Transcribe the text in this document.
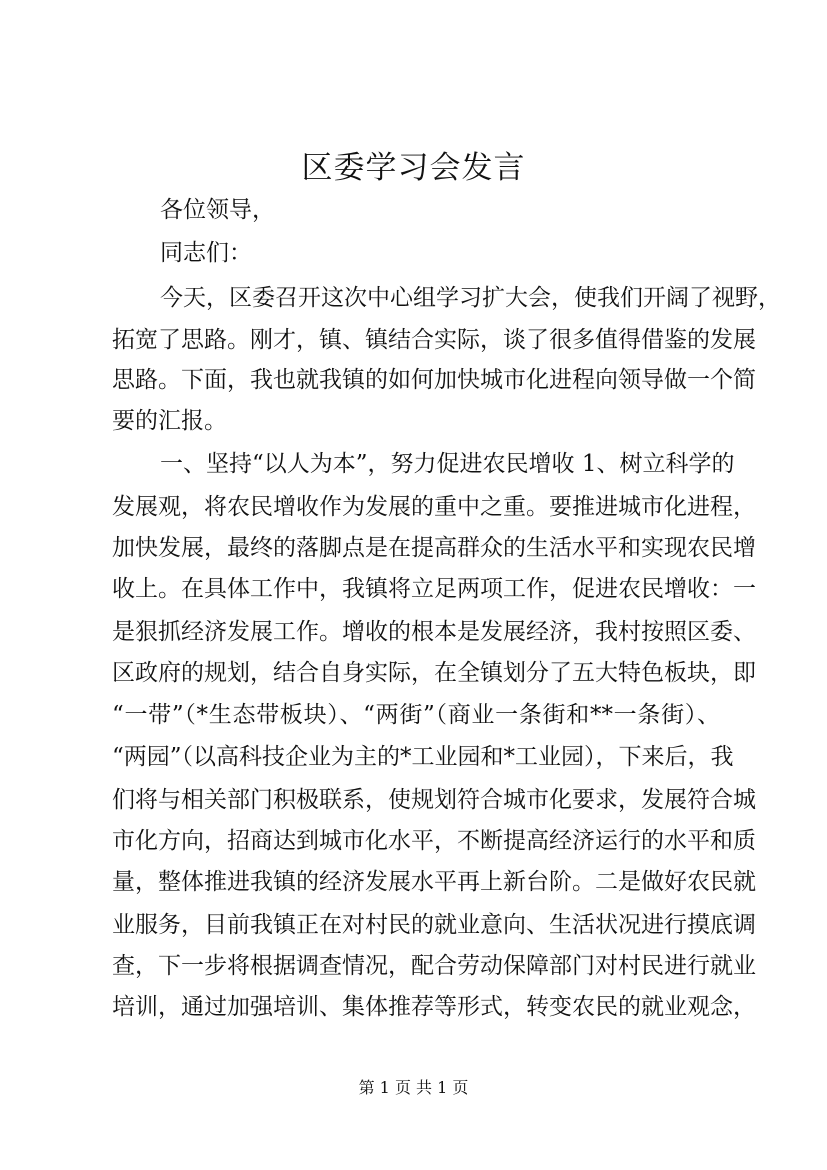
区委学习会发言
各位领导，
同志们：
今天，区委召开这次中心组学习扩大会，使我们开阔了视野，
拓宽了思路。刚才，镇、镇结合实际，谈了很多值得借鉴的发展
思路。下面，我也就我镇的如何加快城市化进程向领导做一个简
要的汇报。
一、坚持“以人为本”，努力促进农民增收 1、树立科学的
发展观，将农民增收作为发展的重中之重。要推进城市化进程，
加快发展，最终的落脚点是在提高群众的生活水平和实现农民增
收上。在具体工作中，我镇将立足两项工作，促进农民增收：一
是狠抓经济发展工作。增收的根本是发展经济，我村按照区委、
区政府的规划，结合自身实际，在全镇划分了五大特色板块，即
“一带”（*生态带板块）、“两街”（商业一条街和**一条街）、
“两园”（以高科技企业为主的*工业园和*工业园），下来后，我
们将与相关部门积极联系，使规划符合城市化要求，发展符合城
市化方向，招商达到城市化水平，不断提高经济运行的水平和质
量，整体推进我镇的经济发展水平再上新台阶。二是做好农民就
业服务，目前我镇正在对村民的就业意向、生活状况进行摸底调
查，下一步将根据调查情况，配合劳动保障部门对村民进行就业
培训，通过加强培训、集体推荐等形式，转变农民的就业观念，
第 1 页 共 1 页
